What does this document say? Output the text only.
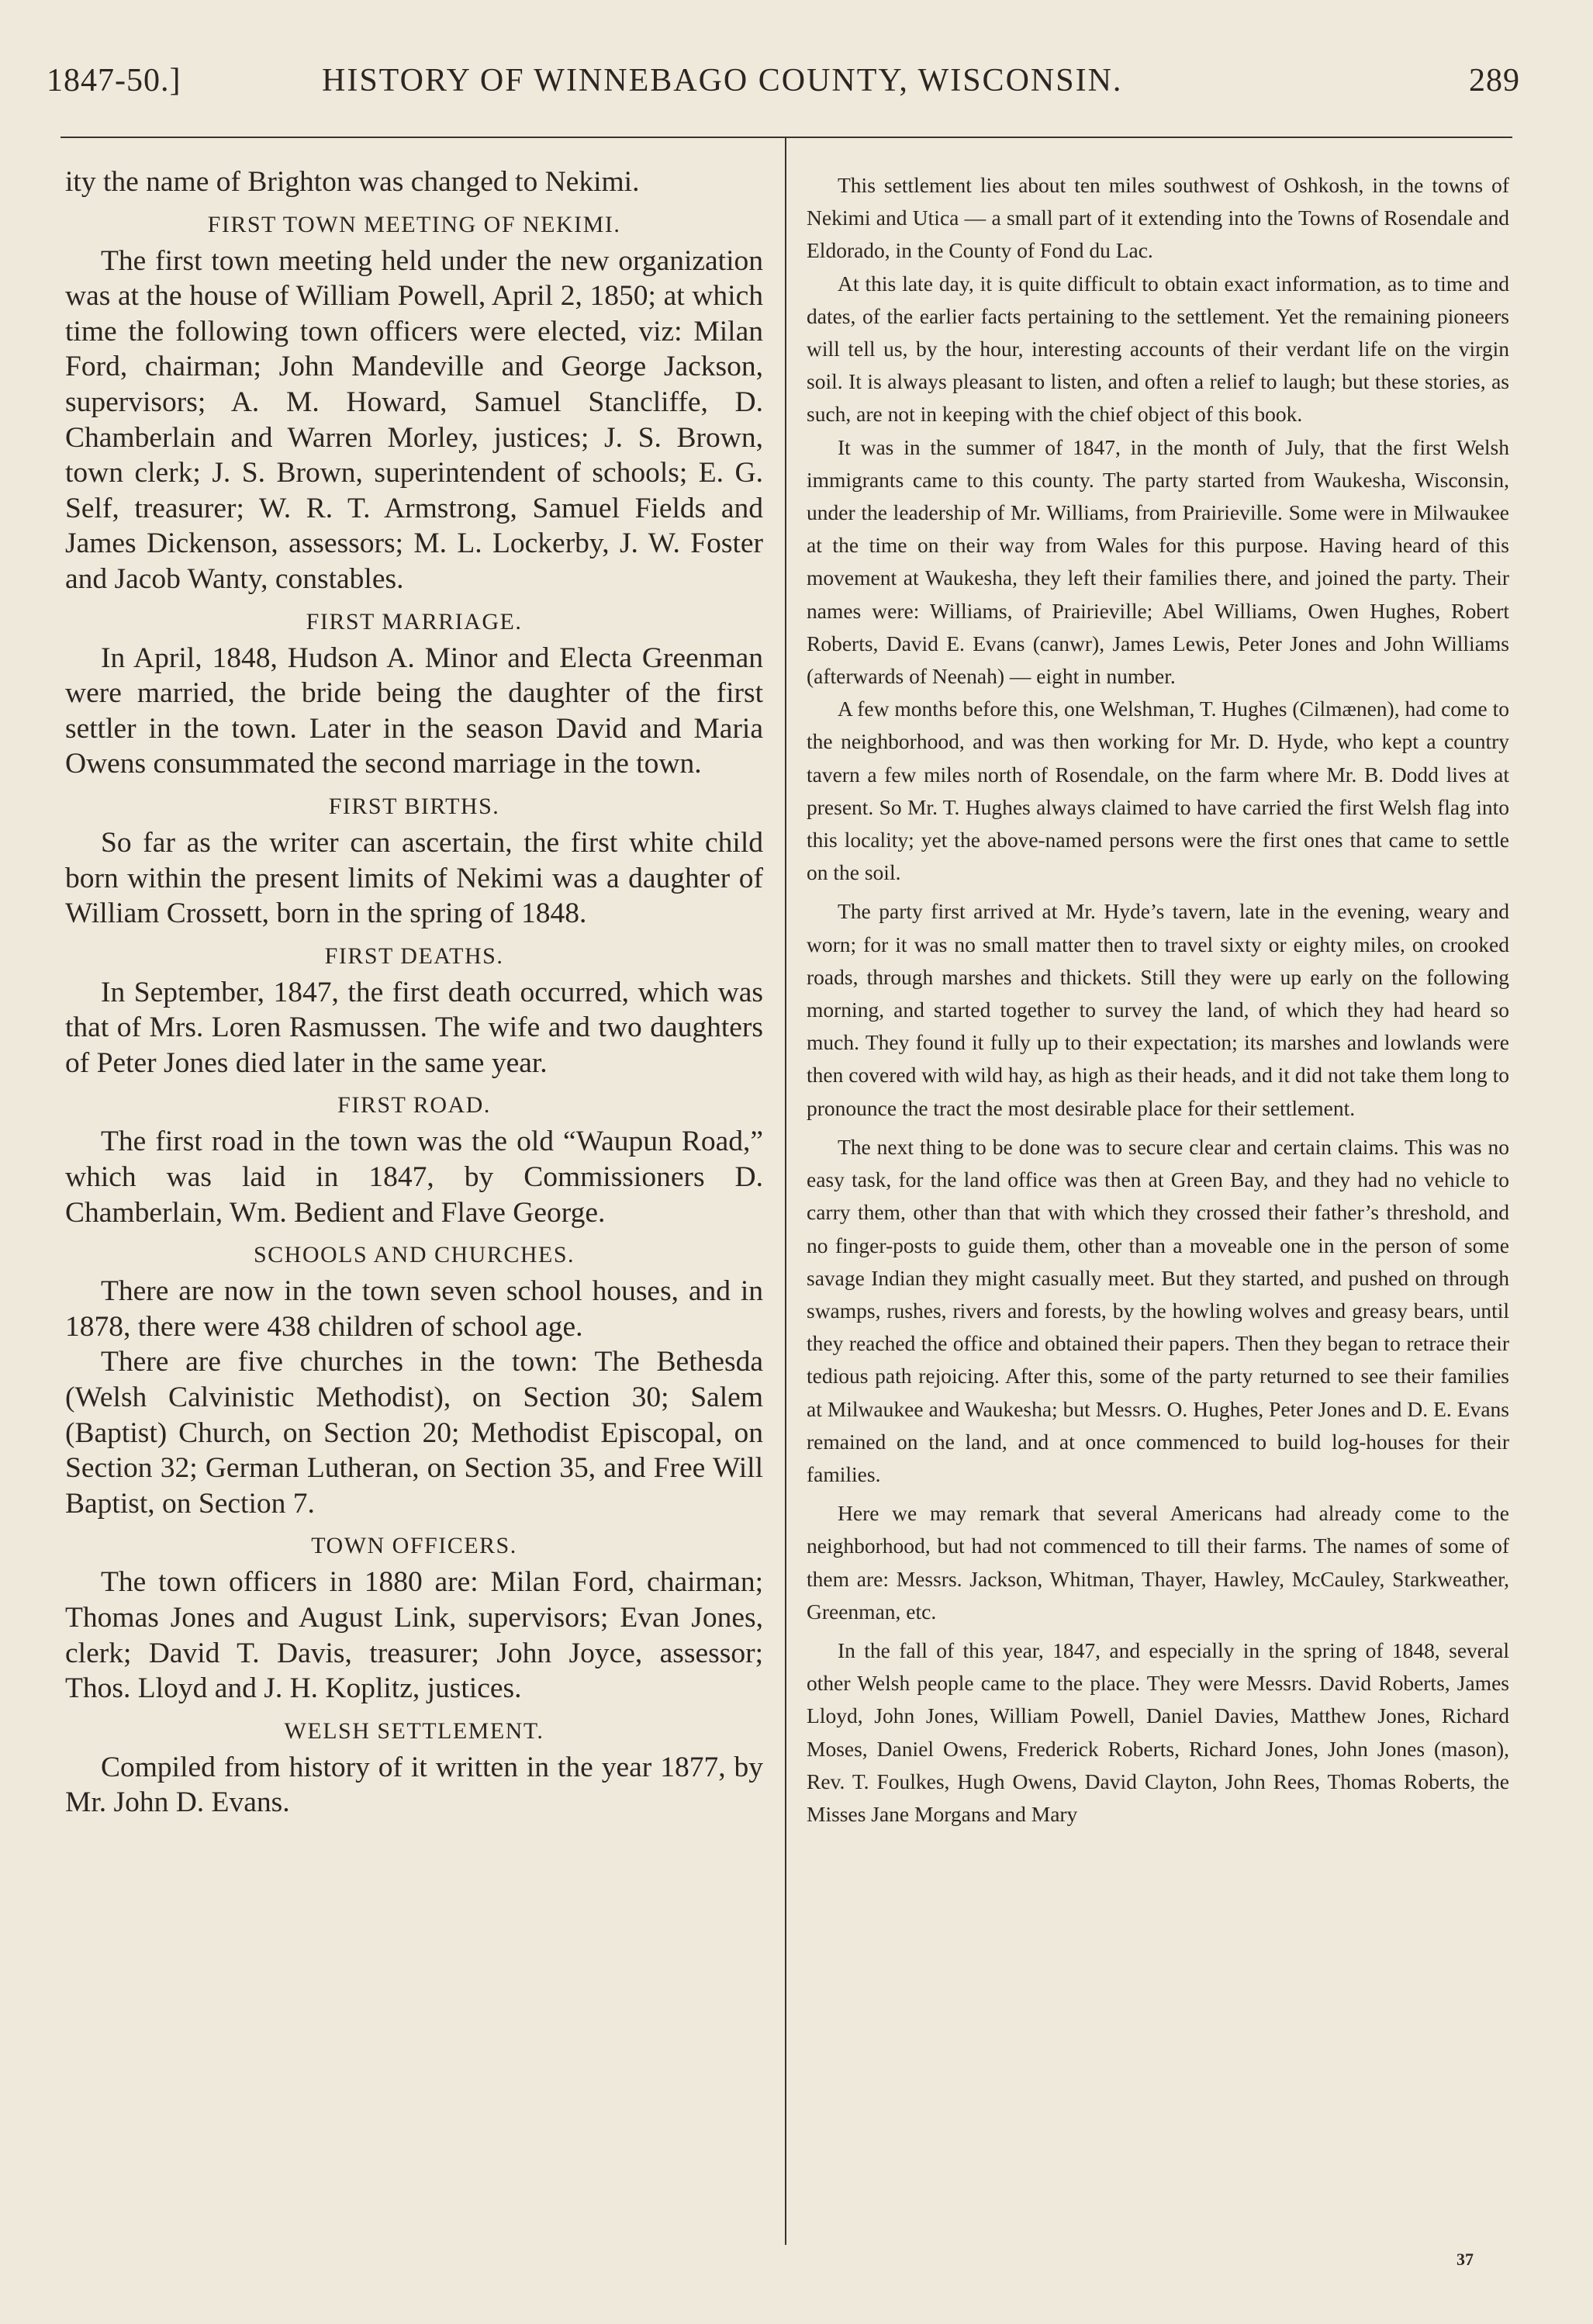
1847-50.]	HISTORY OF WINNEBAGO COUNTY, WISCONSIN.	289

ity the name of Brighton was changed to Nekimi.

FIRST TOWN MEETING OF NEKIMI.

The first town meeting held under the new organization was at the house of William Powell, April 2, 1850; at which time the following town officers were elected, viz: Milan Ford, chairman; John Mandeville and George Jackson, supervisors; A. M. Howard, Samuel Stancliffe, D. Chamberlain and Warren Morley, justices; J. S. Brown, town clerk; J. S. Brown, superintendent of schools; E. G. Self, treasurer; W. R. T. Armstrong, Samuel Fields and James Dickenson, assessors; M. L. Lockerby, J. W. Foster and Jacob Wanty, constables.

FIRST MARRIAGE.

In April, 1848, Hudson A. Minor and Electa Greenman were married, the bride being the daughter of the first settler in the town. Later in the season David and Maria Owens consummated the second marriage in the town.

FIRST BIRTHS.

So far as the writer can ascertain, the first white child born within the present limits of Nekimi was a daughter of William Crossett, born in the spring of 1848.

FIRST DEATHS.

In September, 1847, the first death occurred, which was that of Mrs. Loren Rasmussen. The wife and two daughters of Peter Jones died later in the same year.

FIRST ROAD.

The first road in the town was the old “Waupun Road,” which was laid in 1847, by Commissioners D. Chamberlain, Wm. Bedient and Flave George.

SCHOOLS AND CHURCHES.

There are now in the town seven school houses, and in 1878, there were 438 children of school age.

There are five churches in the town: The Bethesda (Welsh Calvinistic Methodist), on Section 30; Salem (Baptist) Church, on Section 20; Methodist Episcopal, on Section 32; German Lutheran, on Section 35, and Free Will Baptist, on Section 7.

TOWN OFFICERS.

The town officers in 1880 are: Milan Ford, chairman; Thomas Jones and August Link, supervisors; Evan Jones, clerk; David T. Davis, treasurer; John Joyce, assessor; Thos. Lloyd and J. H. Koplitz, justices.

WELSH SETTLEMENT.

Compiled from history of it written in the year 1877, by Mr. John D. Evans.

This settlement lies about ten miles southwest of Oshkosh, in the towns of Nekimi and Utica — a small part of it extending into the Towns of Rosendale and Eldorado, in the County of Fond du Lac.

At this late day, it is quite difficult to obtain exact information, as to time and dates, of the earlier facts pertaining to the settlement. Yet the remaining pioneers will tell us, by the hour, interesting accounts of their verdant life on the virgin soil. It is always pleasant to listen, and often a relief to laugh; but these stories, as such, are not in keeping with the chief object of this book.

It was in the summer of 1847, in the month of July, that the first Welsh immigrants came to this county. The party started from Waukesha, Wisconsin, under the leadership of Mr. Williams, from Prairieville. Some were in Milwaukee at the time on their way from Wales for this purpose. Having heard of this movement at Waukesha, they left their families there, and joined the party. Their names were: Williams, of Prairieville; Abel Williams, Owen Hughes, Robert Roberts, David E. Evans (canwr), James Lewis, Peter Jones and John Williams (afterwards of Neenah) — eight in number.

A few months before this, one Welshman, T. Hughes (Cilmænen), had come to the neighborhood, and was then working for Mr. D. Hyde, who kept a country tavern a few miles north of Rosendale, on the farm where Mr. B. Dodd lives at present. So Mr. T. Hughes always claimed to have carried the first Welsh flag into this locality; yet the above-named persons were the first ones that came to settle on the soil.

The party first arrived at Mr. Hyde’s tavern, late in the evening, weary and worn; for it was no small matter then to travel sixty or eighty miles, on crooked roads, through marshes and thickets. Still they were up early on the following morning, and started together to survey the land, of which they had heard so much. They found it fully up to their expectation; its marshes and lowlands were then covered with wild hay, as high as their heads, and it did not take them long to pronounce the tract the most desirable place for their settlement.

The next thing to be done was to secure clear and certain claims. This was no easy task, for the land office was then at Green Bay, and they had no vehicle to carry them, other than that with which they crossed their father’s threshold, and no finger-posts to guide them, other than a moveable one in the person of some savage Indian they might casually meet. But they started, and pushed on through swamps, rushes, rivers and forests, by the howling wolves and greasy bears, until they reached the office and obtained their papers. Then they began to retrace their tedious path rejoicing. After this, some of the party returned to see their families at Milwaukee and Waukesha; but Messrs. O. Hughes, Peter Jones and D. E. Evans remained on the land, and at once commenced to build log-houses for their families.

Here we may remark that several Americans had already come to the neighborhood, but had not commenced to till their farms. The names of some of them are: Messrs. Jackson, Whitman, Thayer, Hawley, McCauley, Starkweather, Greenman, etc.

In the fall of this year, 1847, and especially in the spring of 1848, several other Welsh people came to the place. They were Messrs. David Roberts, James Lloyd, John Jones, William Powell, Daniel Davies, Matthew Jones, Richard Moses, Daniel Owens, Frederick Roberts, Richard Jones, John Jones (mason), Rev. T. Foulkes, Hugh Owens, David Clayton, John Rees, Thomas Roberts, the Misses Jane Morgans and Mary

37
